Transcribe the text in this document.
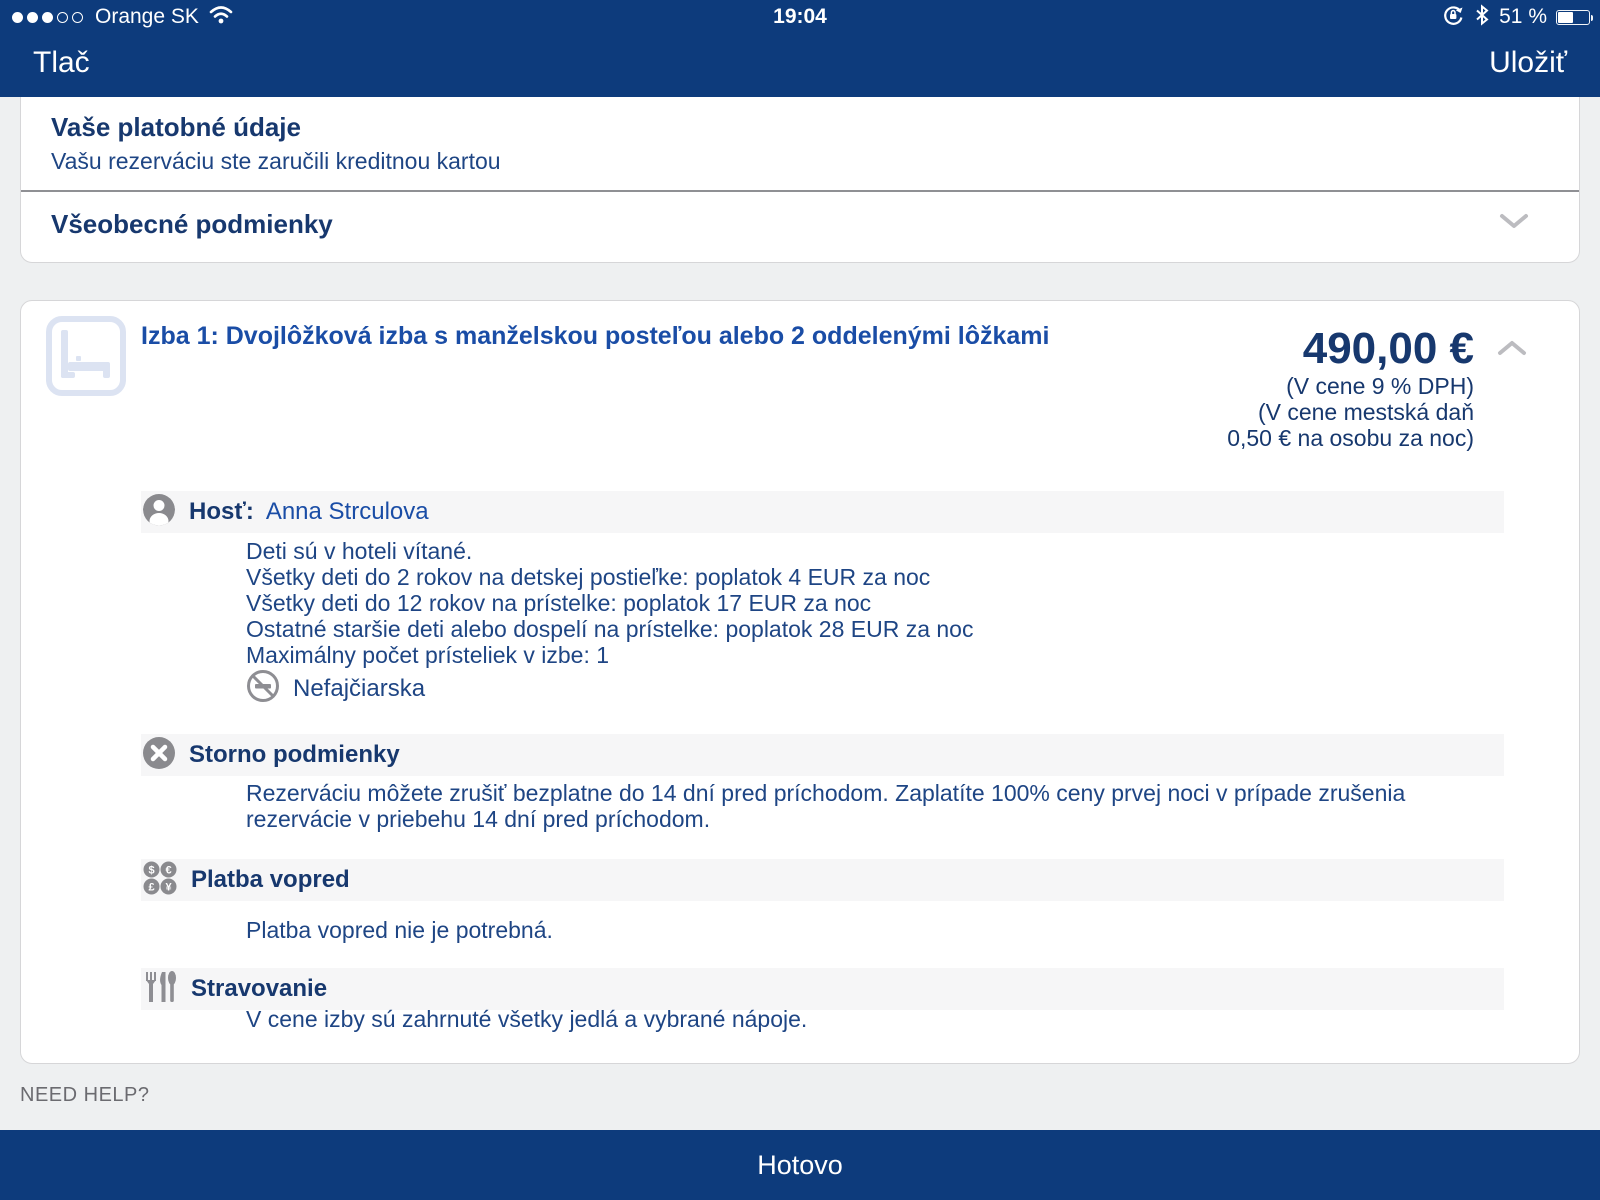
Orange SK	19:04	51 %
Tlač	Uložiť
Vaše platobné údaje
Vašu rezerváciu ste zaručili kreditnou kartou
Všeobecné podmienky
Izba 1: Dvojlôžková izba s manželskou posteľou alebo 2 oddelenými lôžkami	490,00 €
(V cene 9 % DPH)
(V cene mestská daň
0,50 € na osobu za noc)
Hosť: Anna Strculova
Deti sú v hoteli vítané.
Všetky deti do 2 rokov na detskej postieľke: poplatok 4 EUR za noc
Všetky deti do 12 rokov na prístelke: poplatok 17 EUR za noc
Ostatné staršie deti alebo dospelí na prístelke: poplatok 28 EUR za noc
Maximálny počet prísteliek v izbe: 1
Nefajčiarska
Storno podmienky
Rezerváciu môžete zrušiť bezplatne do 14 dní pred príchodom. Zaplatíte 100% ceny prvej noci v prípade zrušenia rezervácie v priebehu 14 dní pred príchodom.
$ €
£ ¥ Platba vopred
Platba vopred nie je potrebná.
Stravovanie
V cene izby sú zahrnuté všetky jedlá a vybrané nápoje.
NEED HELP?
Hotovo
